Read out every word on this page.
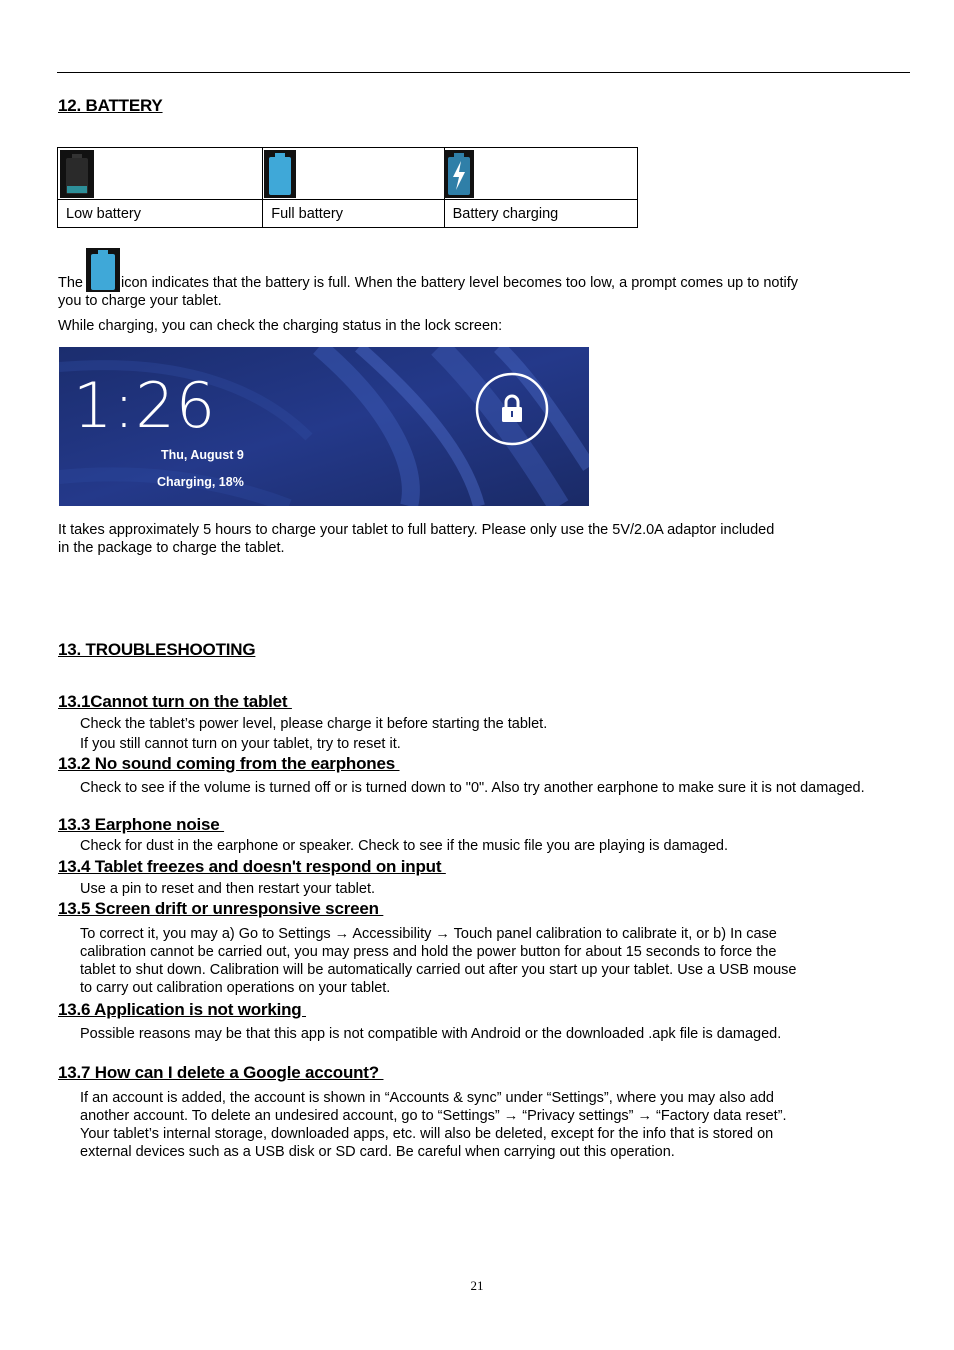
12. BATTERY

Low battery	Full battery	Battery charging
The	icon indicates that the battery is full. When the battery level becomes too low, a prompt comes up to notify
you to charge your tablet.
While charging, you can check the charging status in the lock screen:
1:26
Thu, August 9
Charging, 18%
It takes approximately 5 hours to charge your tablet to full battery. Please only use the 5V/2.0A adaptor included
in the package to charge the tablet.
13. TROUBLESHOOTING
13.1Cannot turn on the tablet
Check the tablet’s power level, please charge it before starting the tablet.
If you still cannot turn on your tablet, try to reset it.
13.2 No sound coming from the earphones
Check to see if the volume is turned off or is turned down to "0". Also try another earphone to make sure it is not damaged.
13.3 Earphone noise
Check for dust in the earphone or speaker. Check to see if the music file you are playing is damaged.
13.4 Tablet freezes and doesn't respond on input
Use a pin to reset and then restart your tablet.
13.5 Screen drift or unresponsive screen
To correct it, you may a) Go to Settings → Accessibility → Touch panel calibration to calibrate it, or b) In case
calibration cannot be carried out, you may press and hold the power button for about 15 seconds to force the
tablet to shut down. Calibration will be automatically carried out after you start up your tablet. Use a USB mouse
to carry out calibration operations on your tablet.
13.6 Application is not working
Possible reasons may be that this app is not compatible with Android or the downloaded .apk file is damaged.
13.7 How can I delete a Google account?
If an account is added, the account is shown in “Accounts & sync” under “Settings”, where you may also add
another account. To delete an undesired account, go to “Settings” → “Privacy settings” → “Factory data reset”.
Your tablet’s internal storage, downloaded apps, etc. will also be deleted, except for the info that is stored on
external devices such as a USB disk or SD card. Be careful when carrying out this operation.
21
